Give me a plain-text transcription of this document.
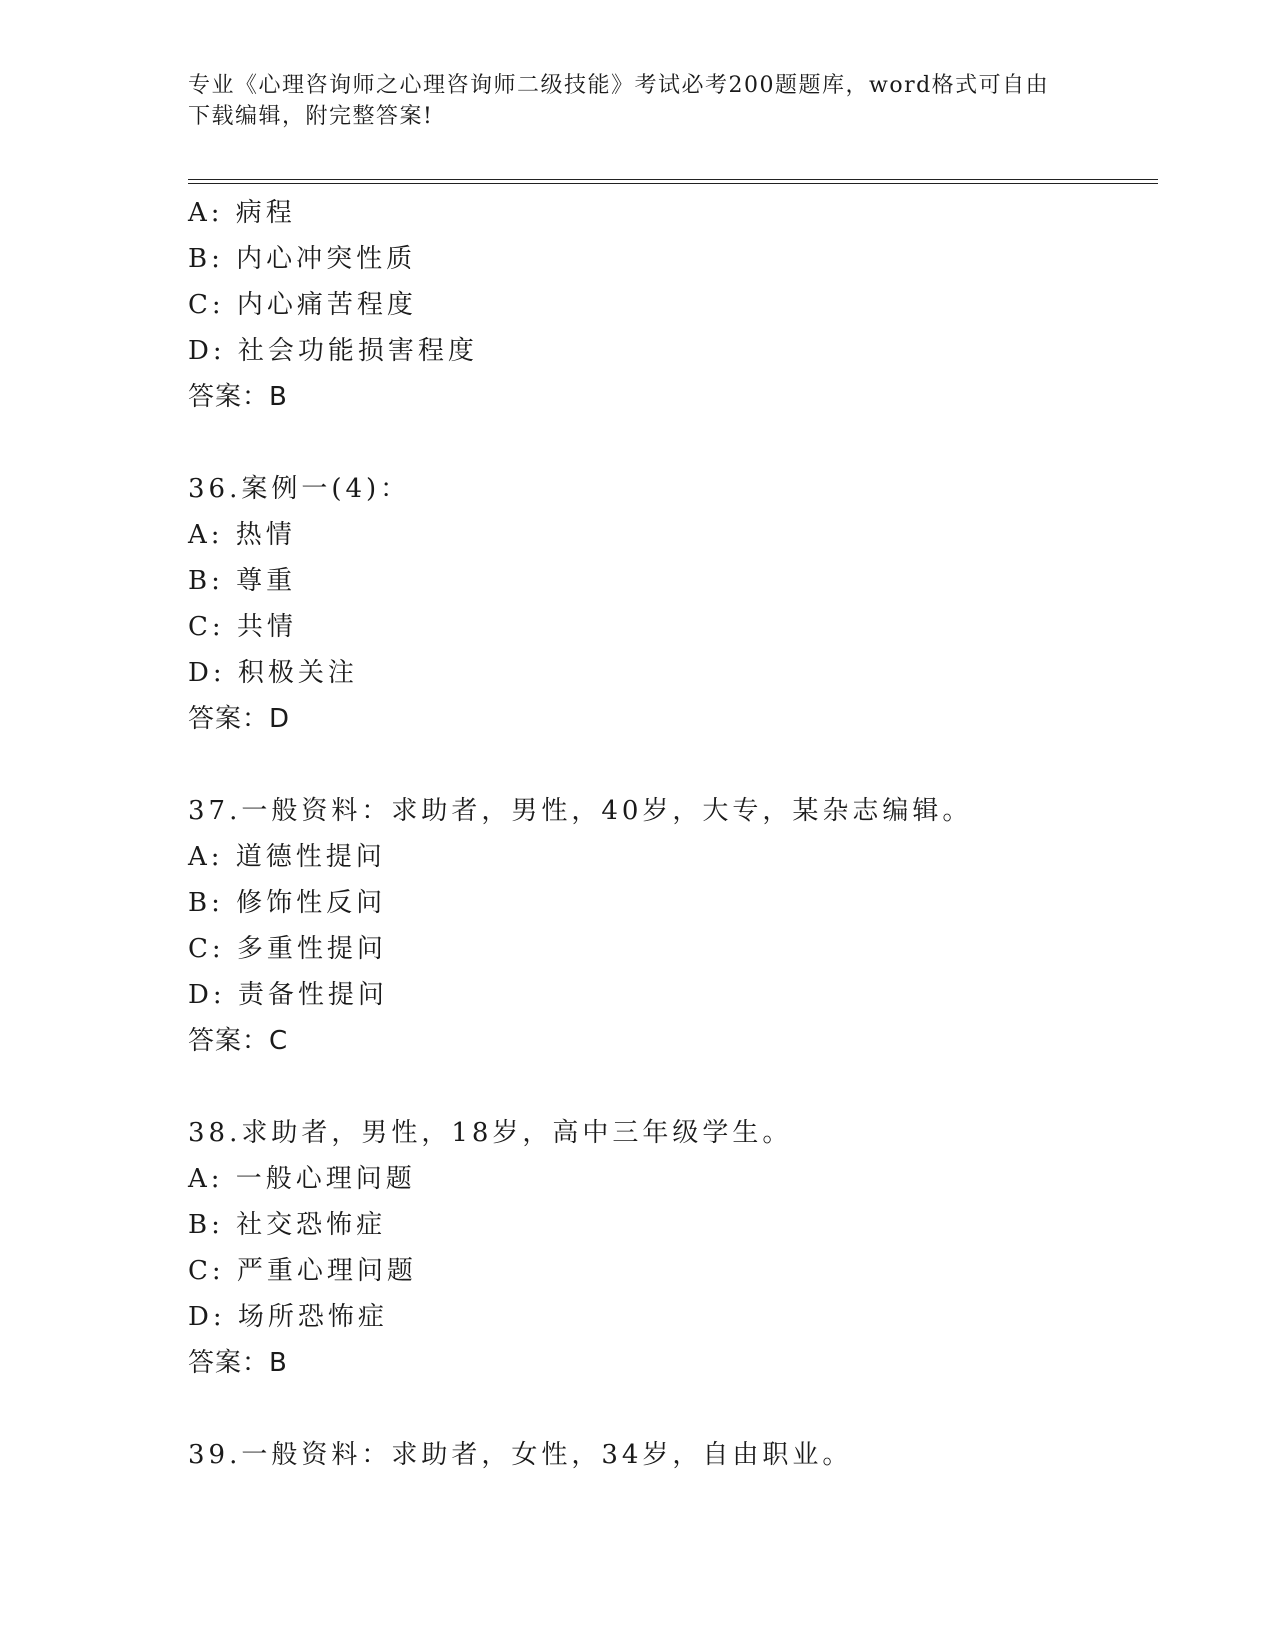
专业《心理咨询师之心理咨询师二级技能》考试必考200题题库，word格式可自由下载编辑，附完整答案!
A: 病程
B: 内心冲突性质
C: 内心痛苦程度
D: 社会功能损害程度
答案：B
36.案例一(4)：
A: 热情
B: 尊重
C: 共情
D: 积极关注
答案：D
37.一般资料：求助者，男性，40岁，大专，某杂志编辑。
A: 道德性提问
B: 修饰性反问
C: 多重性提问
D: 责备性提问
答案：C
38.求助者，男性，18岁，高中三年级学生。
A: 一般心理问题
B: 社交恐怖症
C: 严重心理问题
D: 场所恐怖症
答案：B
39.一般资料：求助者，女性，34岁，自由职业。
